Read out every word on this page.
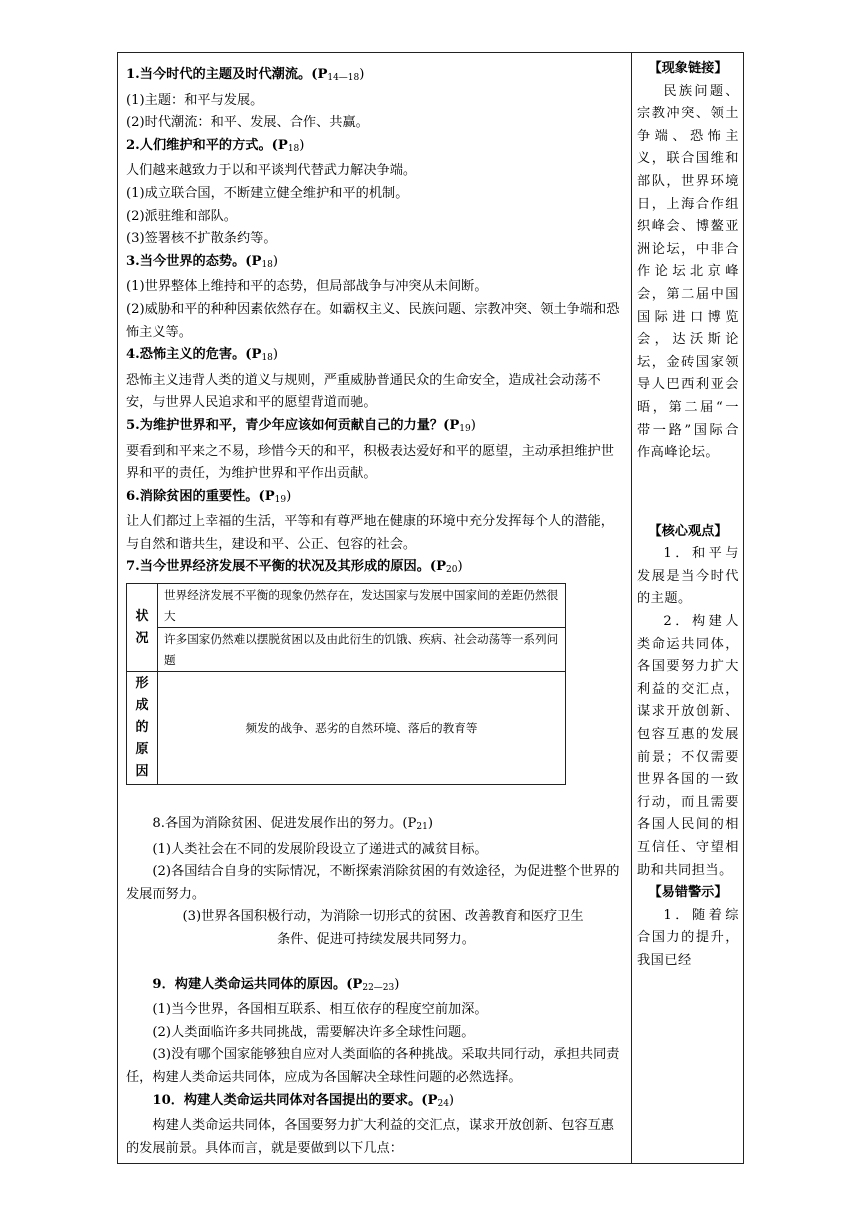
1.当今时代的主题及时代潮流。$(P_{14—18})$

(1)主题：和平与发展。

(2)时代潮流：和平、发展、合作、共赢。

2.人们维护和平的方式。$(P_{18})$

人们越来越致力于以和平谈判代替武力解决争端。

(1)成立联合国，不断建立健全维护和平的机制。

(2)派驻维和部队。

(3)签署核不扩散条约等。

3.当今世界的态势。$(P_{18})$

(1)世界整体上维持和平的态势，但局部战争与冲突从未间断。

(2)威胁和平的种种因素依然存在。如霸权主义、民族问题、宗教冲突、领土争端和恐怖主义等。

4.恐怖主义的危害。$(P_{18})$

恐怖主义违背人类的道义与规则，严重威胁普通民众的生命安全，造成社会动荡不安，与世界人民追求和平的愿望背道而驰。

5.为维护世界和平，青少年应该如何贡献自己的力量？$(P_{19})$

要看到和平来之不易，珍惜今天的和平，积极表达爱好和平的愿望，主动承担维护世界和平的责任，为维护世界和平作出贡献。

6.消除贫困的重要性。$(P_{19})$

让人们都过上幸福的生活，平等和有尊严地在健康的环境中充分发挥每个人的潜能，与自然和谐共生，建设和平、公正、包容的社会。

7.当今世界经济发展不平衡的状况及其形成的原因。$(P_{20})$

状况	世界经济发展不平衡的现象仍然存在，发达国家与发展中国家间的差距仍然很大
	许多国家仍然难以摆脱贫困以及由此衍生的饥饿、疾病、社会动荡等一系列问题
形成的原因	频发的战争、恶劣的自然环境、落后的教育等

8.各国为消除贫困、促进发展作出的努力。$(P_{21})$

(1)人类社会在不同的发展阶段设立了递进式的减贫目标。

(2)各国结合自身的实际情况，不断探索消除贫困的有效途径，为促进整个世界的发展而努力。

(3)世界各国积极行动，为消除一切形式的贫困、改善教育和医疗卫生

条件、促进可持续发展共同努力。

9．构建人类命运共同体的原因。$(P_{22—23})$

(1)当今世界，各国相互联系、相互依存的程度空前加深。

(2)人类面临许多共同挑战，需要解决许多全球性问题。

(3)没有哪个国家能够独自应对人类面临的各种挑战。采取共同行动，承担共同责任，构建人类命运共同体，应成为各国解决全球性问题的必然选择。

10．构建人类命运共同体对各国提出的要求。$(P_{24})$

构建人类命运共同体，各国要努力扩大利益的交汇点，谋求开放创新、包容互惠的发展前景。具体而言，就是要做到以下几点：

【现象链接】

民族问题、宗教冲突、领土争端、恐怖主义，联合国维和部队，世界环境日，上海合作组织峰会、博鳌亚洲论坛，中非合作论坛北京峰会，第二届中国国际进口博览会，达沃斯论坛，金砖国家领导人巴西利亚会晤，第二届“一带一路”国际合作高峰论坛。

【核心观点】

1．和平与发展是当今时代的主题。

2．构建人类命运共同体，各国要努力扩大利益的交汇点，谋求开放创新、包容互惠的发展前景；不仅需要世界各国的一致行动，而且需要各国人民间的相互信任、守望相助和共同担当。

【易错警示】

1．随着综合国力的提升，我国已经
